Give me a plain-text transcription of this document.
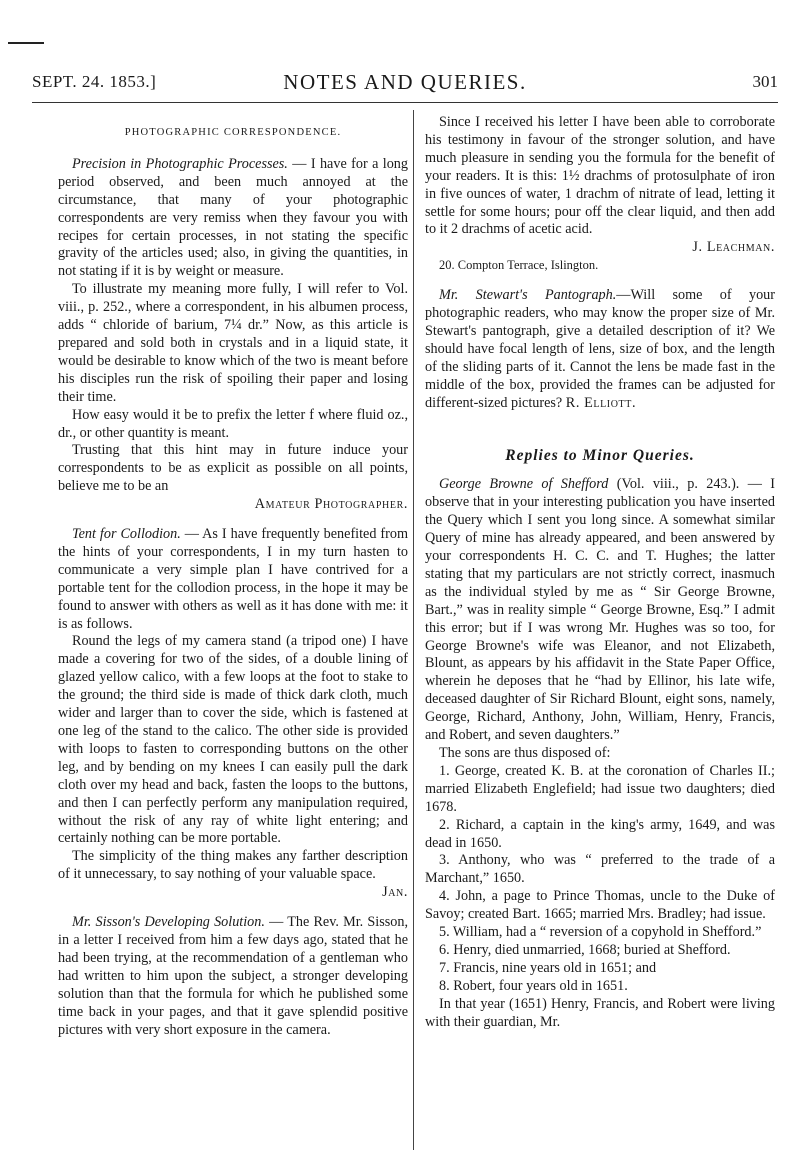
SEPT. 24. 1853.]	NOTES AND QUERIES.	301
PHOTOGRAPHIC CORRESPONDENCE.

Precision in Photographic Processes. — I have for a long period observed, and been much annoyed at the circumstance, that many of your photographic correspondents are very remiss when they favour you with recipes for certain processes, in not stating the specific gravity of the articles used; also, in giving the quantities, in not stating if it is by weight or measure.

To illustrate my meaning more fully, I will refer to Vol. viii., p. 252., where a correspondent, in his albumen process, adds “ chloride of barium, 7¼ dr.” Now, as this article is prepared and sold both in crystals and in a liquid state, it would be desirable to know which of the two is meant before his disciples run the risk of spoiling their paper and losing their time.

How easy would it be to prefix the letter f where fluid oz., dr., or other quantity is meant.

Trusting that this hint may in future induce your correspondents to be as explicit as possible on all points, believe me to be an

Amateur Photographer.

Tent for Collodion. — As I have frequently benefited from the hints of your correspondents, I in my turn hasten to communicate a very simple plan I have contrived for a portable tent for the collodion process, in the hope it may be found to answer with others as well as it has done with me: it is as follows.

Round the legs of my camera stand (a tripod one) I have made a covering for two of the sides, of a double lining of glazed yellow calico, with a few loops at the foot to stake to the ground; the third side is made of thick dark cloth, much wider and larger than to cover the side, which is fastened at one leg of the stand to the calico. The other side is provided with loops to fasten to corresponding buttons on the other leg, and by bending on my knees I can easily pull the dark cloth over my head and back, fasten the loops to the buttons, and then I can perfectly perform any manipulation required, without the risk of any ray of white light entering; and certainly nothing can be more portable.

The simplicity of the thing makes any farther description of it unnecessary, to say nothing of your valuable space.

Jan.

Mr. Sisson's Developing Solution. — The Rev. Mr. Sisson, in a letter I received from him a few days ago, stated that he had been trying, at the recommendation of a gentleman who had written to him upon the subject, a stronger developing solution than that the formula for which he published some time back in your pages, and that it gave splendid positive pictures with very short exposure in the camera.

Since I received his letter I have been able to corroborate his testimony in favour of the stronger solution, and have much pleasure in sending you the formula for the benefit of your readers. It is this: 1½ drachms of protosulphate of iron in five ounces of water, 1 drachm of nitrate of lead, letting it settle for some hours; pour off the clear liquid, and then add to it 2 drachms of acetic acid.

J. Leachman.

20. Compton Terrace, Islington.

Mr. Stewart's Pantograph.—Will some of your photographic readers, who may know the proper size of Mr. Stewart's pantograph, give a detailed description of it? We should have focal length of lens, size of box, and the length of the sliding parts of it. Cannot the lens be made fast in the middle of the box, provided the frames can be adjusted for different-sized pictures? R. Elliott.

Replies to Minor Queries.

George Browne of Shefford (Vol. viii., p. 243.). — I observe that in your interesting publication you have inserted the Query which I sent you long since. A somewhat similar Query of mine has already appeared, and been answered by your correspondents H. C. C. and T. Hughes; the latter stating that my particulars are not strictly correct, inasmuch as the individual styled by me as “ Sir George Browne, Bart.,” was in reality simple “ George Browne, Esq.” I admit this error; but if I was wrong Mr. Hughes was so too, for George Browne's wife was Eleanor, and not Elizabeth, Blount, as appears by his affidavit in the State Paper Office, wherein he deposes that he “had by Ellinor, his late wife, deceased daughter of Sir Richard Blount, eight sons, namely, George, Richard, Anthony, John, William, Henry, Francis, and Robert, and seven daughters.”

The sons are thus disposed of:

1. George, created K. B. at the coronation of Charles II.; married Elizabeth Englefield; had issue two daughters; died 1678.

2. Richard, a captain in the king's army, 1649, and was dead in 1650.

3. Anthony, who was “ preferred to the trade of a Marchant,” 1650.

4. John, a page to Prince Thomas, uncle to the Duke of Savoy; created Bart. 1665; married Mrs. Bradley; had issue.

5. William, had a “ reversion of a copyhold in Shefford.”

6. Henry, died unmarried, 1668; buried at Shefford.

7. Francis, nine years old in 1651; and

8. Robert, four years old in 1651.

In that year (1651) Henry, Francis, and Robert were living with their guardian, Mr.
